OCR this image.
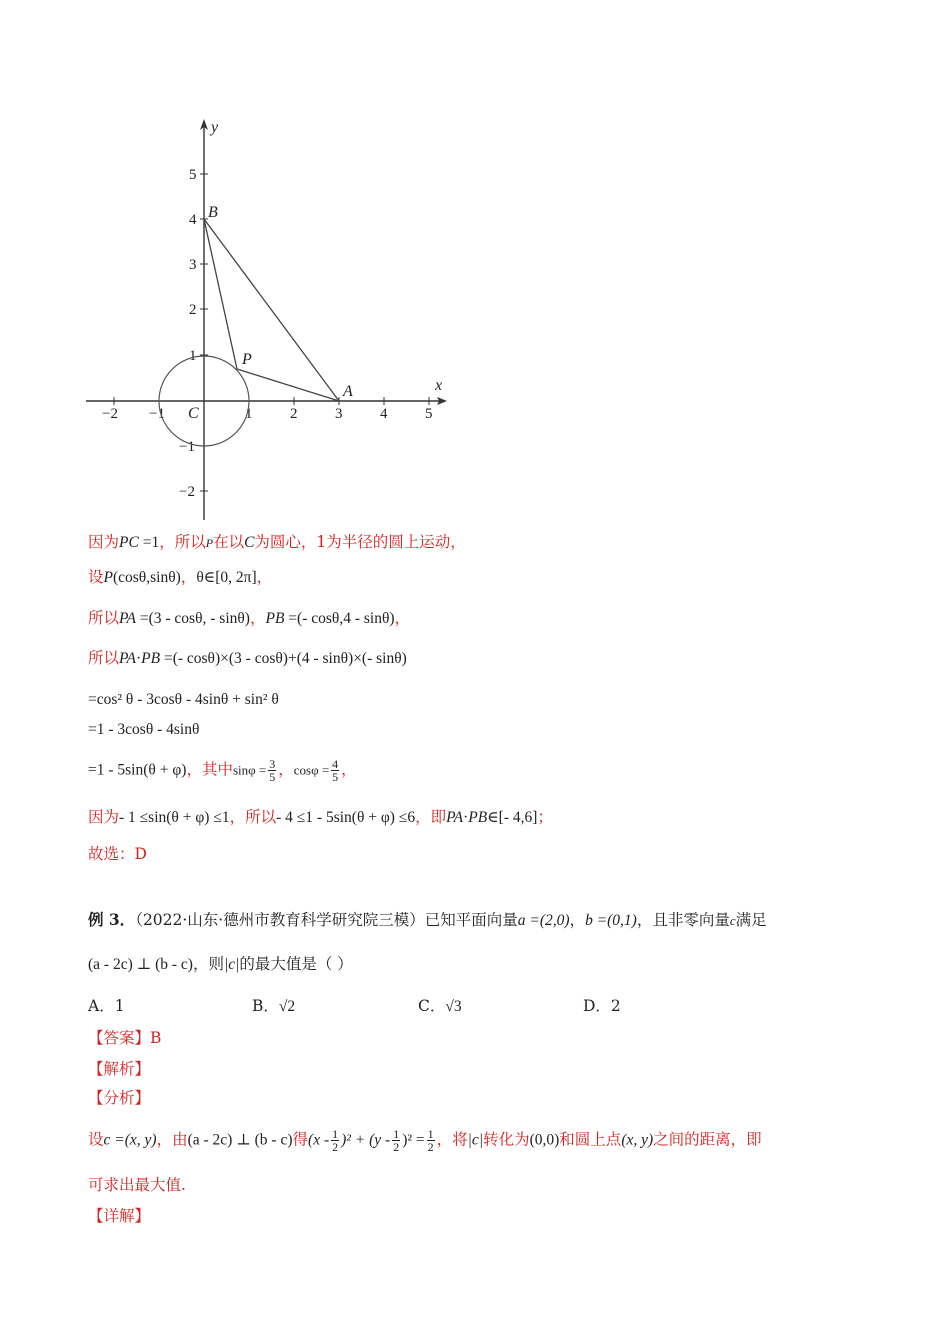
x
y
−2 −1	1	2	3	4	5
5
4
3
2
1
−1
−2
B
P
A
C
因为PC =1，所以P在以C为圆心，1为半径的圆上运动，
设P(cosθ,sinθ)，θ∈[0, 2π]，
所以PA =(3 - cosθ, - sinθ)，PB =(- cosθ,4 - sinθ)，
所以PA·PB =(- cosθ)×(3 - cosθ)+(4 - sinθ)×(- sinθ)
=cos² θ - 3cosθ - 4sinθ + sin² θ
=1 - 3cosθ - 4sinθ
=1 - 5sin(θ + φ)，其中$\sin\varphi = \frac{3}{5}$ ，$\cos\varphi = \frac{4}{5}$ ，
因为- 1 ≤sin(θ + φ) ≤1，所以- 4 ≤1 - 5sin(θ + φ) ≤6，即PA·PB∈[- 4,6]；
故选：D
例 3．（2022·山东·德州市教育科学研究院三模）已知平面向量a =(2,0)，b =(0,1)，且非零向量c满足
(a - 2c) ⊥ (b - c)，则|c|的最大值是（ ）
A．1	B．√2	C．√3	D．2
【答案】B
【解析】
【分析】
设c =(x, y)，由(a - 2c) ⊥ (b - c)得$(x - \frac{1}{2} )^2 + (y - \frac{1}{2} )^2 = \frac{1}{2}$ ，将|c|转化为(0,0)和圆上点(x, y)之间的距离，即
可求出最大值.
【详解】
